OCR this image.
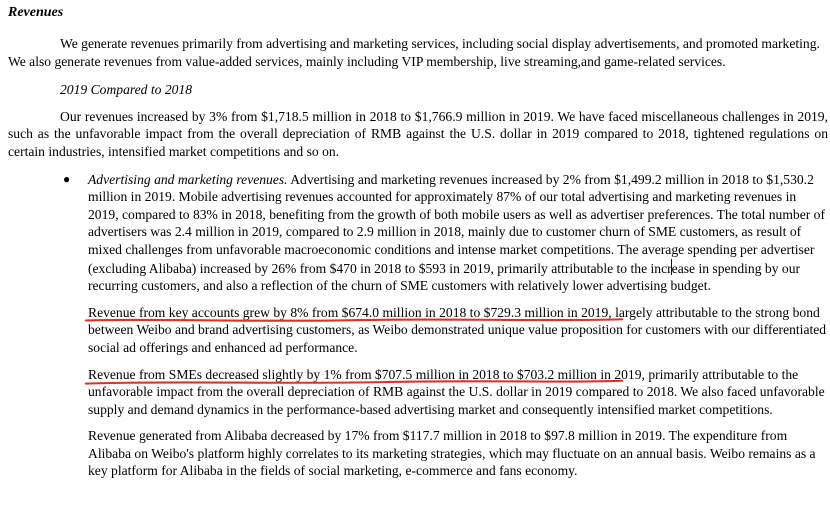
Revenues

We generate revenues primarily from advertising and marketing services, including social display advertisements, and promoted marketing. We also generate revenues from value-added services, mainly including VIP membership, live streaming,and game-related services.

2019 Compared to 2018

Our revenues increased by 3% from $1,718.5 million in 2018 to $1,766.9 million in 2019. We have faced miscellaneous challenges in 2019, such as the unfavorable impact from the overall depreciation of RMB against the U.S. dollar in 2019 compared to 2018, tightened regulations on certain industries, intensified market competitions and so on.

●	Advertising and marketing revenues. Advertising and marketing revenues increased by 2% from $1,499.2 million in 2018 to $1,530.2 million in 2019. Mobile advertising revenues accounted for approximately 87% of our total advertising and marketing revenues in 2019, compared to 83% in 2018, benefiting from the growth of both mobile users as well as advertiser preferences. The total number of advertisers was 2.4 million in 2019, compared to 2.9 million in 2018, mainly due to customer churn of SME customers, as result of mixed challenges from unfavorable macroeconomic conditions and intense market competitions. The average spending per advertiser (excluding Alibaba) increased by 26% from $470 in 2018 to $593 in 2019, primarily attributable to the increase in spending by our recurring customers, and also a reflection of the churn of SME customers with relatively lower advertising budget.

Revenue from key accounts grew by 8% from $674.0 million in 2018 to $729.3 million in 2019,
largely attributable to the strong bond between Weibo and brand advertising customers, as Weibo demonstrated unique value proposition for customers with our differentiated social ad offerings and enhanced ad performance.

Revenue from SMEs decreased slightly by 1% from $707.5 million in 2018 to $703.2 million in 2019,
primarily attributable to the unfavorable impact from the overall depreciation of RMB against the U.S. dollar in 2019 compared to 2018. We also faced unfavorable supply and demand dynamics in the performance-based advertising market and consequently intensified market competitions.

Revenue generated from Alibaba decreased by 17% from $117.7 million in 2018 to $97.8 million in 2019. The expenditure from Alibaba on Weibo's platform highly correlates to its marketing strategies, which may fluctuate on an annual basis. Weibo remains as a key platform for Alibaba in the fields of social marketing, e-commerce and fans economy.
